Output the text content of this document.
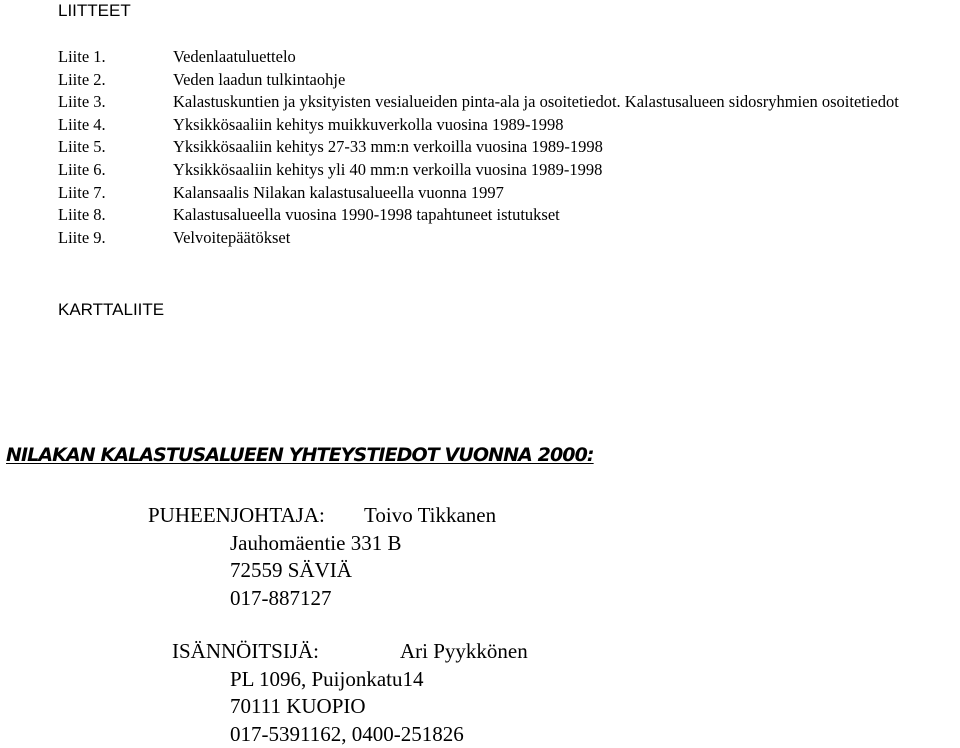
LIITTEET
Liite 1.	Vedenlaatuluettelo
Liite 2.	Veden laadun tulkintaohje
Liite 3.	Kalastuskuntien ja yksityisten vesialueiden pinta-ala ja osoitetiedot. Kalastusalueen sidosryhmien osoitetiedot
Liite 4.	Yksikkösaaliin kehitys muikkuverkolla vuosina 1989-1998
Liite 5.	Yksikkösaaliin kehitys 27-33 mm:n verkoilla vuosina 1989-1998
Liite 6.	Yksikkösaaliin kehitys yli 40 mm:n verkoilla vuosina 1989-1998
Liite 7.	Kalansaalis Nilakan kalastusalueella vuonna 1997
Liite 8.	Kalastusalueella vuosina 1990-1998 tapahtuneet istutukset
Liite 9.	Velvoitepäätökset
KARTTALIITE
NILAKAN KALASTUSALUEEN YHTEYSTIEDOT VUONNA 2000:
PUHEENJOHTAJA:	Toivo Tikkanen
Jauhomäentie 331 B
72559 SÄVIÄ
017-887127
ISÄNNÖITSIJÄ:	Ari Pyykkönen
PL 1096, Puijonkatu14
70111 KUOPIO
017-5391162, 0400-251826
